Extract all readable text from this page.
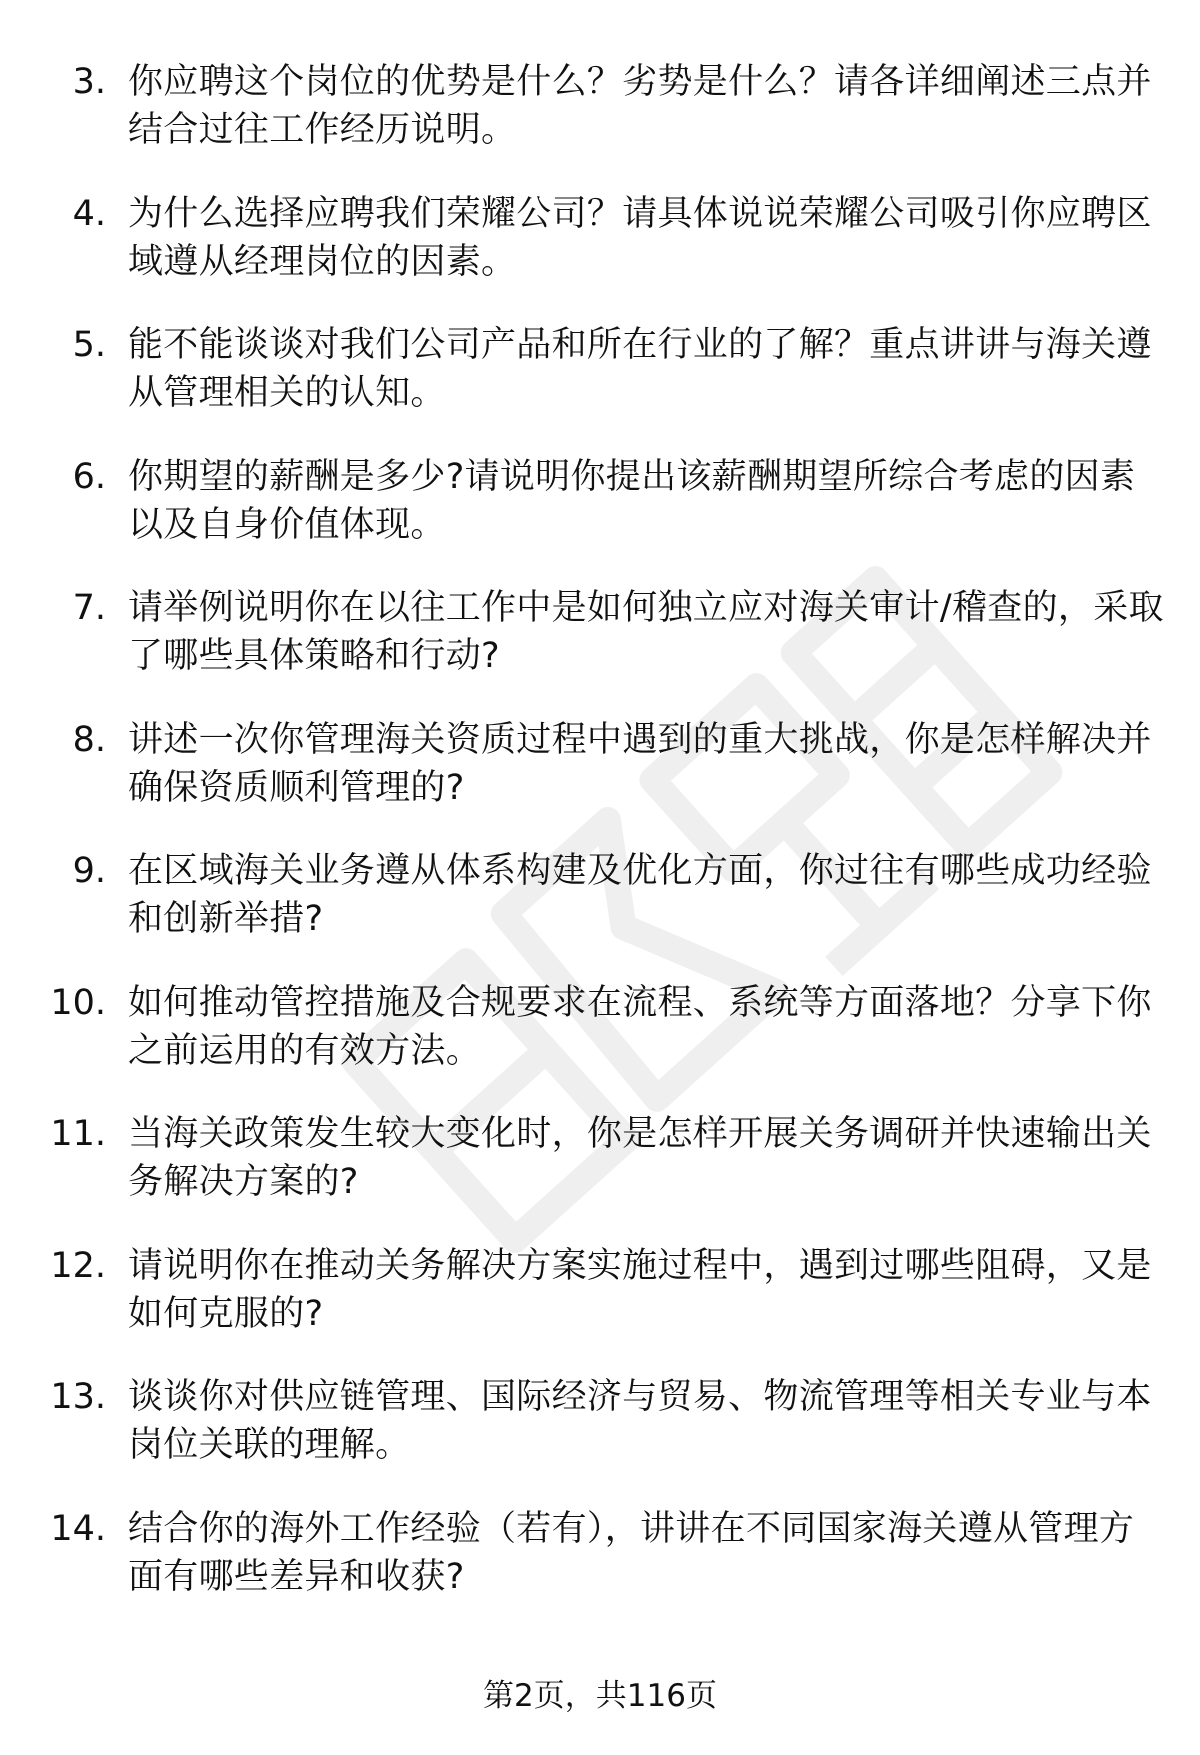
3. 你应聘这个岗位的优势是什么？劣势是什么？请各详细阐述三点并结合过往工作经历说明。
4. 为什么选择应聘我们荣耀公司？请具体说说荣耀公司吸引你应聘区域遵从经理岗位的因素。
5. 能不能谈谈对我们公司产品和所在行业的了解？重点讲讲与海关遵从管理相关的认知。
6. 你期望的薪酬是多少?请说明你提出该薪酬期望所综合考虑的因素以及自身价值体现。
7. 请举例说明你在以往工作中是如何独立应对海关审计/稽查的，采取了哪些具体策略和行动?
8. 讲述一次你管理海关资质过程中遇到的重大挑战，你是怎样解决并确保资质顺利管理的?
9. 在区域海关业务遵从体系构建及优化方面，你过往有哪些成功经验和创新举措?
10. 如何推动管控措施及合规要求在流程、系统等方面落地？分享下你之前运用的有效方法。
11. 当海关政策发生较大变化时，你是怎样开展关务调研并快速输出关务解决方案的?
12. 请说明你在推动关务解决方案实施过程中，遇到过哪些阻碍，又是如何克服的?
13. 谈谈你对供应链管理、国际经济与贸易、物流管理等相关专业与本岗位关联的理解。
14. 结合你的海外工作经验（若有），讲讲在不同国家海关遵从管理方面有哪些差异和收获?
第2页，共116页
